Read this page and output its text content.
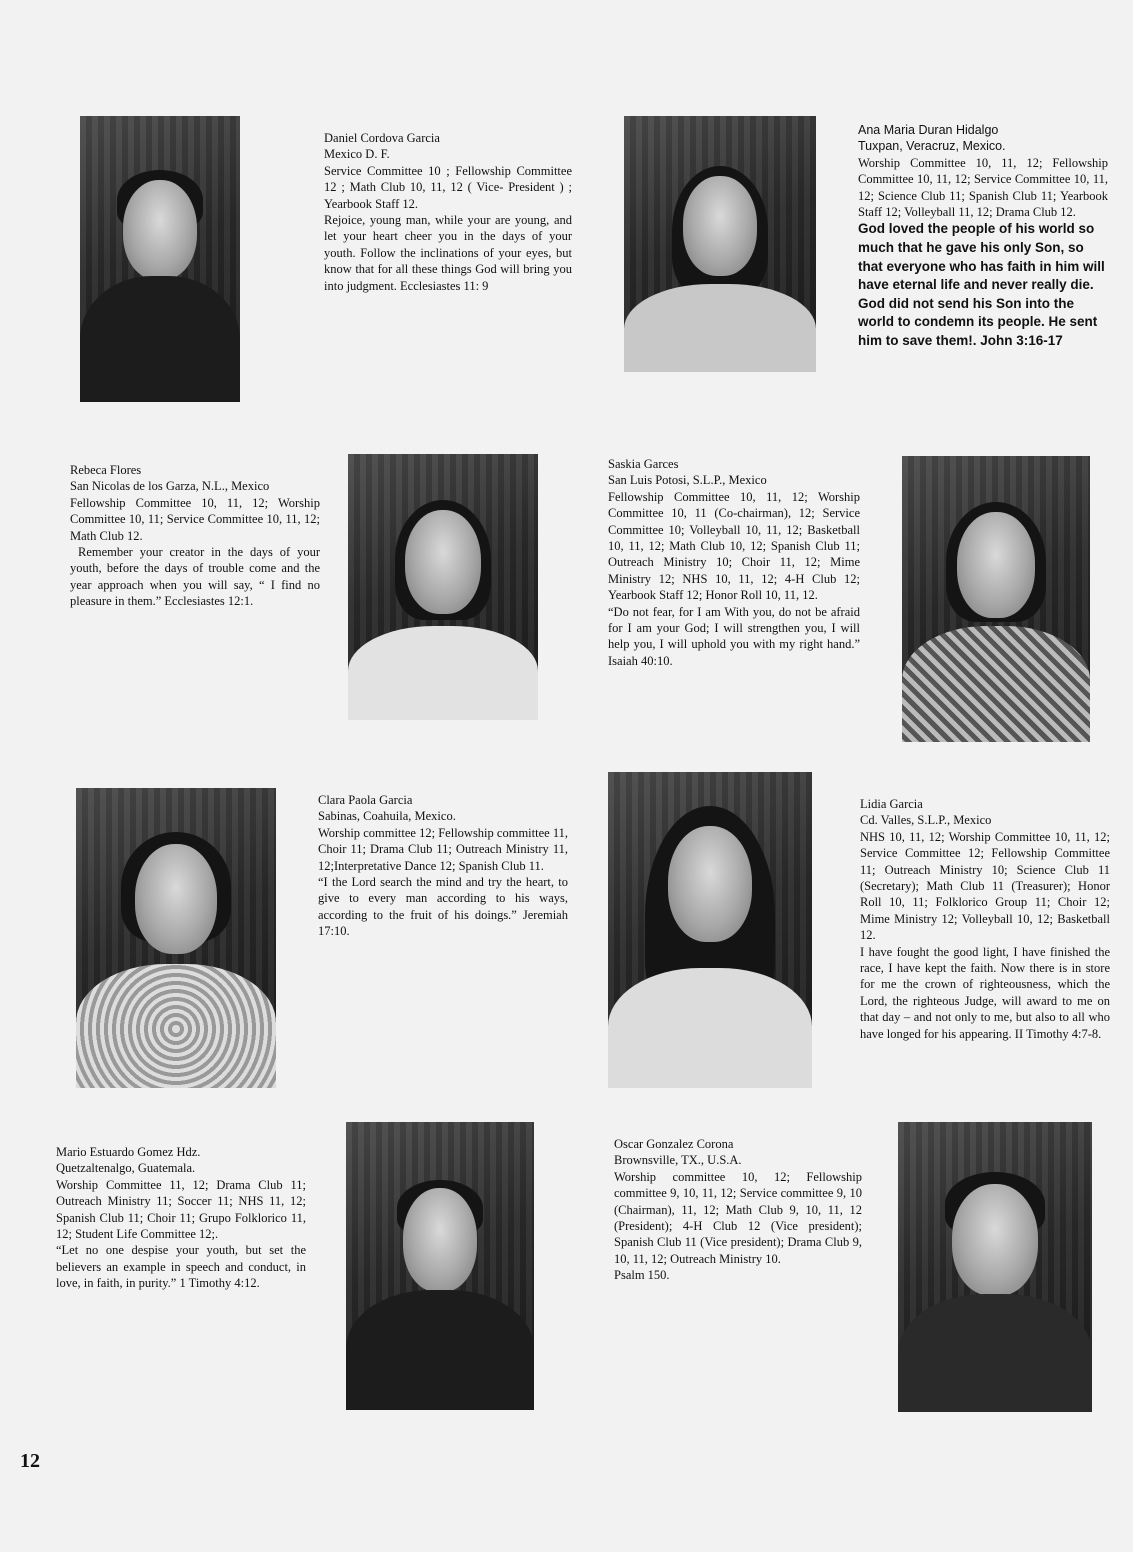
Daniel Cordova Garcia
Mexico D. F.
Service Committee 10 ; Fellowship Committee 12 ; Math Club 10, 11, 12 ( Vice- President ) ; Yearbook Staff 12.
Rejoice, young man, while your are young, and let your heart cheer you in the days of your youth. Follow the inclinations of your eyes, but know that for all these things God will bring you into judgment. Ecclesiastes 11: 9
Ana Maria Duran Hidalgo
Tuxpan, Veracruz, Mexico.
Worship Committee 10, 11, 12; Fellowship Committee 10, 11, 12; Service Committee 10, 11, 12; Science Club 11; Spanish Club 11; Yearbook Staff 12; Volleyball 11, 12; Drama Club 12.
God loved the people of his world so much that he gave his only Son, so that everyone who has faith in him will have eternal life and never really die. God did not send his Son into the world to condemn its people. He sent him to save them!. John 3:16-17
Rebeca Flores
San Nicolas de los Garza, N.L., Mexico
Fellowship Committee 10, 11, 12; Worship Committee 10, 11; Service Committee 10, 11, 12; Math Club 12.
Remember your creator in the days of your youth, before the days of trouble come and the year approach when you will say, “ I find no pleasure in them.” Ecclesiastes 12:1.
Saskia Garces
San Luis Potosi, S.L.P., Mexico
Fellowship Committee 10, 11, 12; Worship Committee 10, 11 (Co-chairman), 12; Service Committee 10; Volleyball 10, 11, 12; Basketball 10, 11, 12; Math Club 10, 12; Spanish Club 11; Outreach Ministry 10; Choir 11, 12; Mime Ministry 12; NHS 10, 11, 12; 4-H Club 12; Yearbook Staff 12; Honor Roll 10, 11, 12.
“Do not fear, for I am With you, do not be afraid for I am your God; I will strengthen you, I will help you, I will uphold you with my right hand.” Isaiah 40:10.
Clara Paola Garcia
Sabinas, Coahuila, Mexico.
Worship committee 12; Fellowship committee 11, Choir 11; Drama Club 11; Outreach Ministry 11, 12;Interpretative Dance 12; Spanish Club 11.
“I the Lord search the mind and try the heart, to give to every man according to his ways, according to the fruit of his doings.” Jeremiah 17:10.
Lidia Garcia
Cd. Valles, S.L.P., Mexico
NHS 10, 11, 12; Worship Committee 10, 11, 12; Service Committee 12; Fellowship Committee 11; Outreach Ministry 10; Science Club 11 (Secretary); Math Club 11 (Treasurer); Honor Roll 10, 11; Folklorico Group 11; Choir 12; Mime Ministry 12; Volleyball 10, 12; Basketball 12.
I have fought the good light, I have finished the race, I have kept the faith. Now there is in store for me the crown of righteousness, which the Lord, the righteous Judge, will award to me on that day – and not only to me, but also to all who have longed for his appearing. II Timothy 4:7-8.
Mario Estuardo Gomez Hdz.
Quetzaltenalgo, Guatemala.
Worship Committee 11, 12; Drama Club 11; Outreach Ministry 11; Soccer 11; NHS 11, 12; Spanish Club 11; Choir 11; Grupo Folklorico 11, 12; Student Life Committee 12;.
“Let no one despise your youth, but set the believers an example in speech and conduct, in love, in faith, in purity.” 1 Timothy 4:12.
Oscar Gonzalez Corona
Brownsville, TX., U.S.A.
Worship committee 10, 12; Fellowship committee 9, 10, 11, 12; Service committee 9, 10 (Chairman), 11, 12; Math Club 9, 10, 11, 12 (President); 4-H Club 12 (Vice president); Spanish Club 11 (Vice president); Drama Club 9, 10, 11, 12; Outreach Ministry 10.
Psalm 150.
12
